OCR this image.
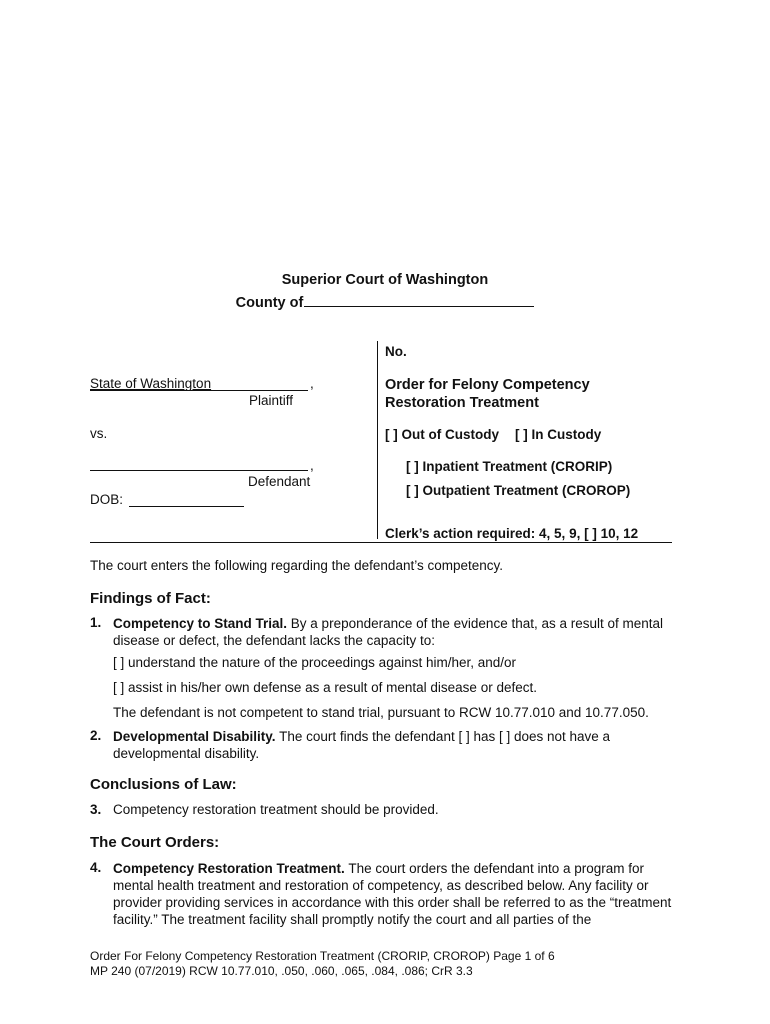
Superior Court of Washington
County of
State of Washington	,
Plaintiff
vs.
,
Defendant
DOB:
No.
Order for Felony Competency
Restoration Treatment
[ ] Out of Custody [ ] In Custody
[ ] Inpatient Treatment (CRORIP)
[ ] Outpatient Treatment (CROROP)
Clerk’s action required: 4, 5, 9, [ ] 10, 12
The court enters the following regarding the defendant’s competency.
Findings of Fact:
1. Competency to Stand Trial. By a preponderance of the evidence that, as a result of mental disease or defect, the defendant lacks the capacity to:
[ ] understand the nature of the proceedings against him/her, and/or
[ ] assist in his/her own defense as a result of mental disease or defect.
The defendant is not competent to stand trial, pursuant to RCW 10.77.010 and 10.77.050.
2. Developmental Disability. The court finds the defendant [ ] has [ ] does not have a developmental disability.
Conclusions of Law:
3. Competency restoration treatment should be provided.
The Court Orders:
4. Competency Restoration Treatment. The court orders the defendant into a program for mental health treatment and restoration of competency, as described below. Any facility or provider providing services in accordance with this order shall be referred to as the “treatment facility.” The treatment facility shall promptly notify the court and all parties of the
Order For Felony Competency Restoration Treatment (CRORIP, CROROP) Page 1 of 6
MP 240 (07/2019) RCW 10.77.010, .050, .060, .065, .084, .086; CrR 3.3
